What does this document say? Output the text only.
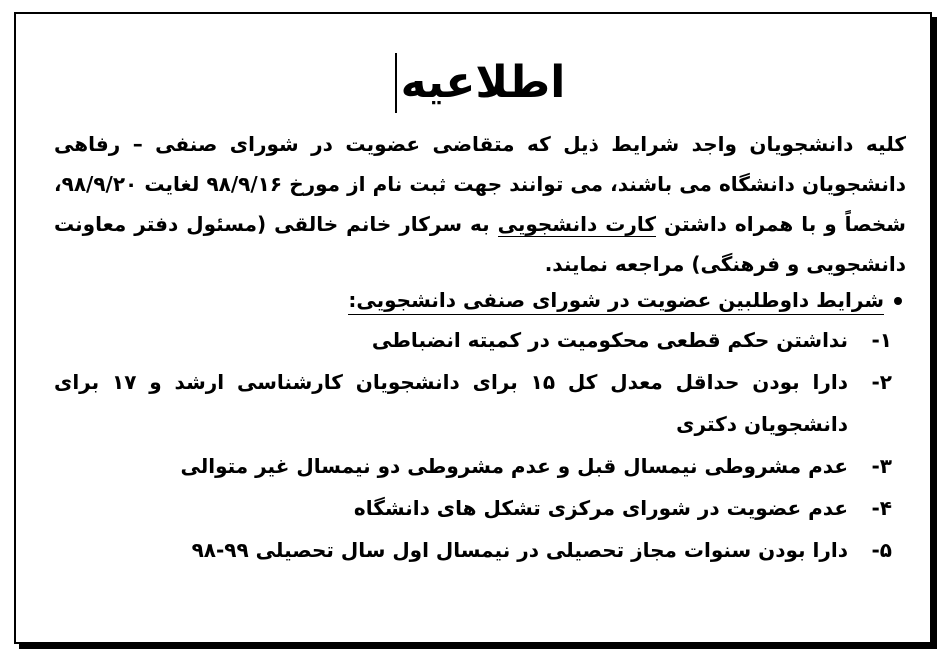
اطلاعیه

کلیه دانشجویان واجد شرایط ذیل که متقاضی عضویت در شورای صنفی – رفاهی دانشجویان دانشگاه می باشند، می توانند جهت ثبت نام از مورخ ۹۸/۹/۱۶ لغایت ۹۸/۹/۲۰، شخصاً و با همراه داشتن کارت دانشجویی به سرکار خانم خالقی (مسئول دفتر معاونت دانشجویی و فرهنگی) مراجعه نمایند.

شرایط داوطلبین عضویت در شورای صنفی دانشجویی:
۱-
نداشتن حکم قطعی محکومیت در کمیته انضباطی
۲-
دارا بودن حداقل معدل کل ۱۵ برای دانشجویان کارشناسی ارشد و ۱۷ برای دانشجویان دکتری
۳-
عدم مشروطی نیمسال قبل و عدم مشروطی دو نیمسال غیر متوالی
۴-
عدم عضویت در شورای مرکزی تشکل های دانشگاه
۵-
دارا بودن سنوات مجاز تحصیلی در نیمسال اول سال تحصیلی ۹۹-۹۸
